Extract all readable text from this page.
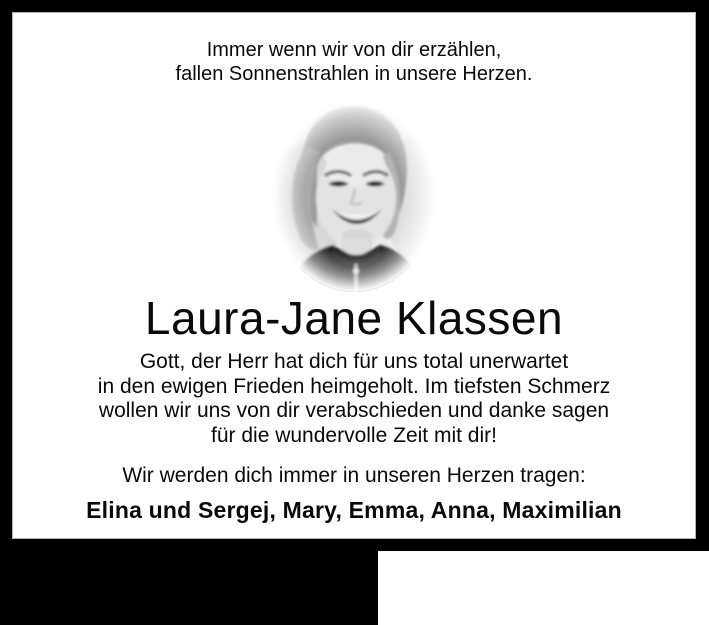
Immer wenn wir von dir erzählen,
fallen Sonnenstrahlen in unsere Herzen.
Laura-Jane Klassen
Gott, der Herr hat dich für uns total unerwartet
in den ewigen Frieden heimgeholt. Im tiefsten Schmerz
wollen wir uns von dir verabschieden und danke sagen
für die wundervolle Zeit mit dir!
Wir werden dich immer in unseren Herzen tragen:
Elina und Sergej, Mary, Emma, Anna, Maximilian
